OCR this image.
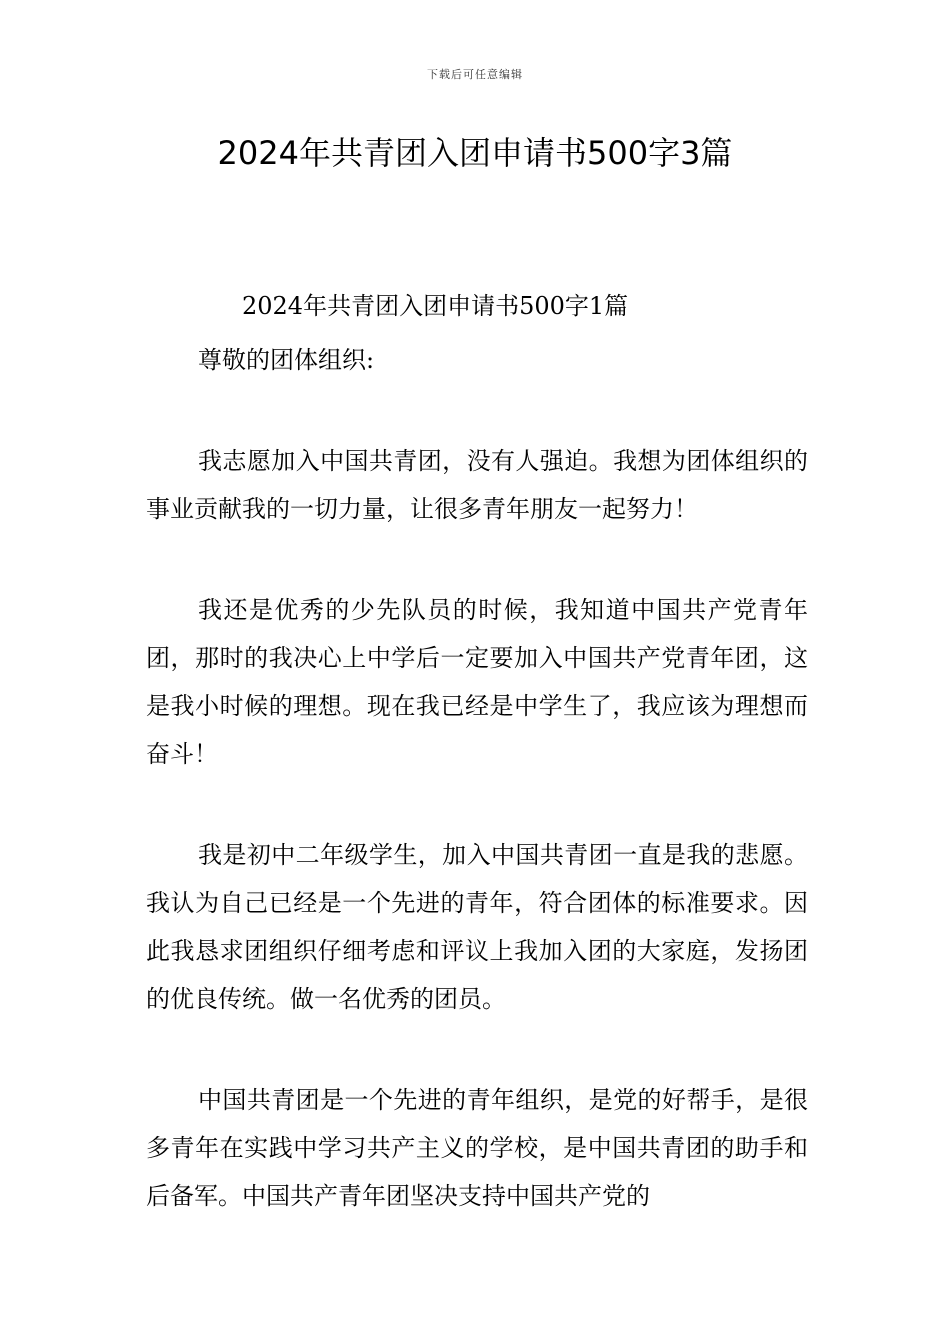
下载后可任意编辑
2024年共青团入团申请书500字3篇

2024年共青团入团申请书500字1篇

尊敬的团体组织:

我志愿加入中国共青团，没有人强迫。我想为团体组织的事业贡献我的一切力量，让很多青年朋友一起努力！

我还是优秀的少先队员的时候，我知道中国共产党青年团，那时的我决心上中学后一定要加入中国共产党青年团，这是我小时候的理想。现在我已经是中学生了，我应该为理想而奋斗！

我是初中二年级学生，加入中国共青团一直是我的悲愿。我认为自己已经是一个先进的青年，符合团体的标准要求。因此我恳求团组织仔细考虑和评议上我加入团的大家庭，发扬团的优良传统。做一名优秀的团员。

中国共青团是一个先进的青年组织，是党的好帮手，是很多青年在实践中学习共产主义的学校，是中国共青团的助手和后备军。中国共产青年团坚决支持中国共产党的
